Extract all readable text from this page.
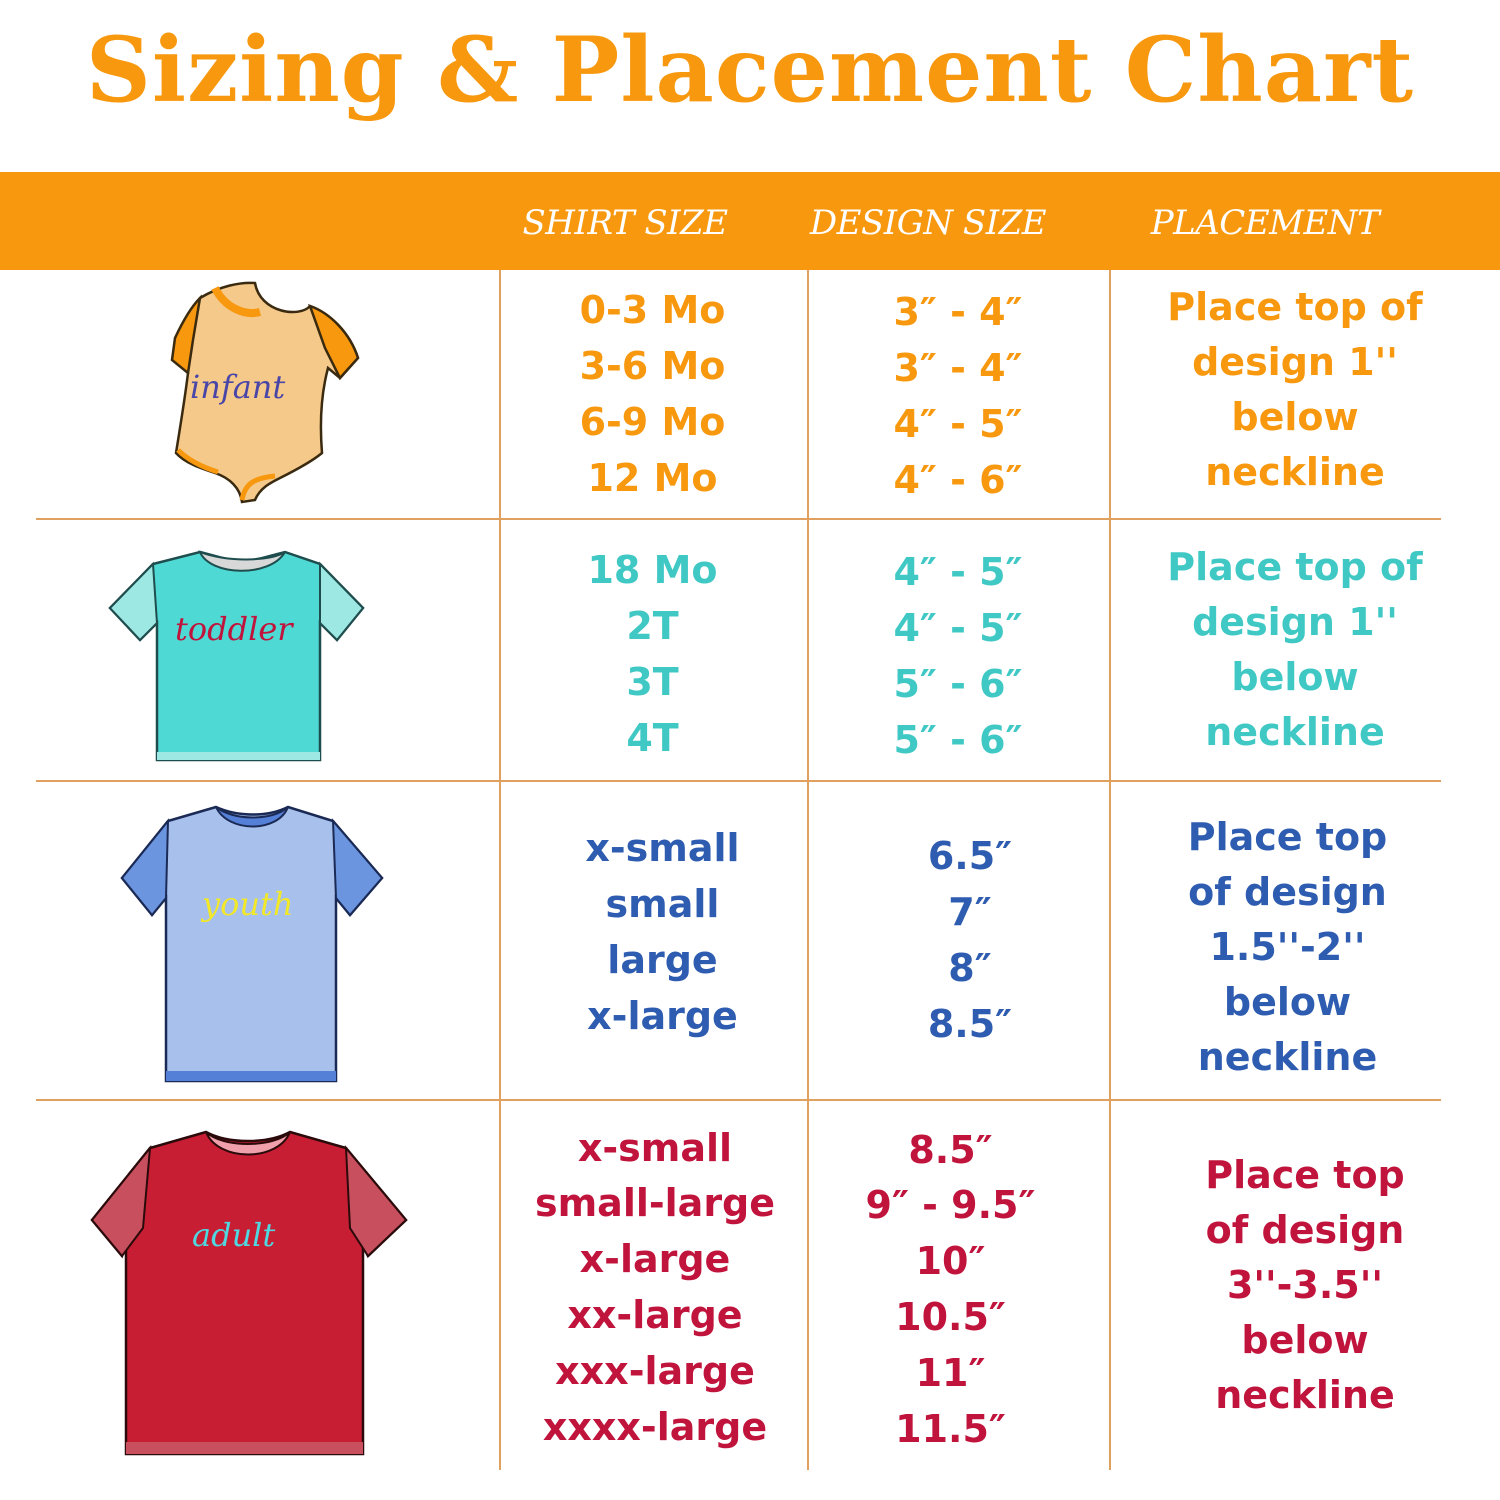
Sizing & Placement Chart
SHIRT SIZE	DESIGN SIZE	PLACEMENT
infant
0-3 Mo
3-6 Mo
6-9 Mo
12 Mo
3″ - 4″
3″ - 4″
4″ - 5″
4″ - 6″
Place top of
design 1''
below
neckline
toddler
18 Mo
2T
3T
4T
4″ - 5″
4″ - 5″
5″ - 6″
5″ - 6″
Place top of
design 1''
below
neckline
youth
x-small
small
large
x-large
6.5″
7″
8″
8.5″
Place top
of design
1.5''-2''
below
neckline
adult
x-small
small-large
x-large
xx-large
xxx-large
xxxx-large
8.5″
9″ - 9.5″
10″
10.5″
11″
11.5″
Place top
of design
3''-3.5''
below
neckline
